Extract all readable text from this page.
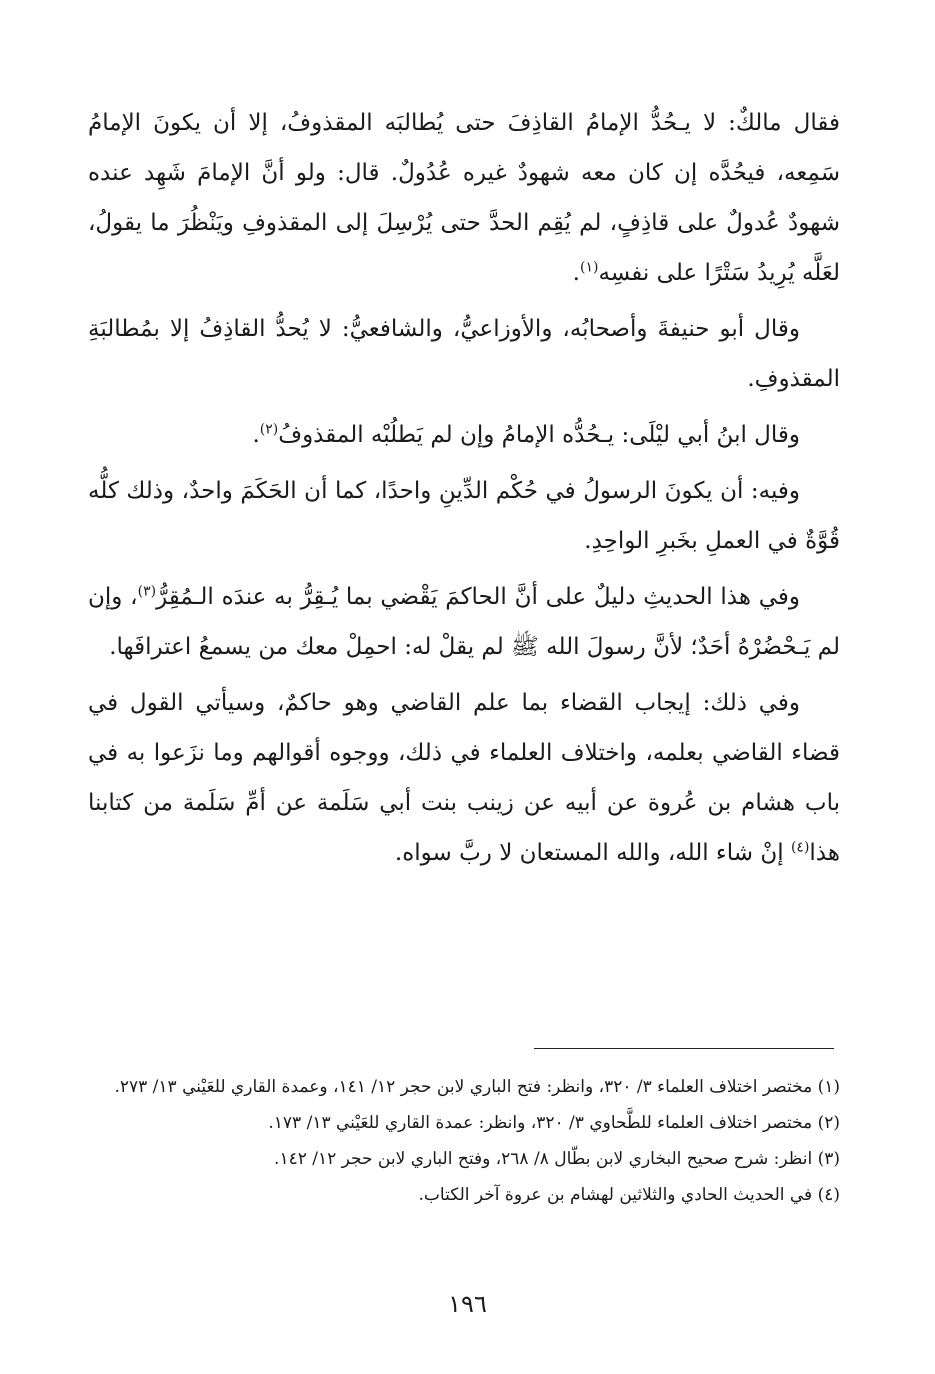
فقال مالكٌ: لا يـحُدُّ الإمامُ القاذِفَ حتى يُطالبَه المقذوفُ، إلا أن يكونَ الإمامُ سَمِعه، فيحُدَّه إن كان معه شهودٌ غيره عُدُولٌ. قال: ولو أنَّ الإمامَ شَهِد عنده شهودٌ عُدولٌ على قاذِفٍ، لم يُقِم الحدَّ حتى يُرْسِلَ إلى المقذوفِ ويَنْظُرَ ما يقولُ، لعَلَّه يُرِيدُ سَتْرًا على نفسِه$^{(١)}$.

وقال أبو حنيفةَ وأصحابُه، والأوزاعيُّ، والشافعيُّ: لا يُحدُّ القاذِفُ إلا بمُطالبَةِ المقذوفِ.

وقال ابنُ أبي ليْلَى: يـحُدُّه الإمامُ وإن لم يَطلُبْه المقذوفُ$^{(٢)}$.

وفيه: أن يكونَ الرسولُ في حُكْم الدِّينِ واحدًا، كما أن الحَكَمَ واحدٌ، وذلك كلُّه قُوَّةٌ في العملِ بخَبرِ الواحِدِ.

وفي هذا الحديثِ دليلٌ على أنَّ الحاكمَ يَقْضي بما يُـقِرُّ به عندَه الـمُقِرُّ$^{(٣)}$، وإن لم يَـحْضُرْهُ أحَدٌ؛ لأنَّ رسولَ الله ﷺ لم يقلْ له: احمِلْ معك من يسمعُ اعترافَها.

وفي ذلك: إيجاب القضاء بما علم القاضي وهو حاكمٌ، وسيأتي القول في قضاء القاضي بعلمه، واختلاف العلماء في ذلك، ووجوه أقوالهم وما نزَعوا به في باب هشام بن عُروة عن أبيه عن زينب بنت أبي سَلَمة عن أمِّ سَلَمة من كتابنا هذا$^{(٤)}$ إنْ شاء الله، والله المستعان لا ربَّ سواه.

(١) مختصر اختلاف العلماء ٣/ ٣٢٠، وانظر: فتح الباري لابن حجر ١٢/ ١٤١، وعمدة القاري للعَيْني ١٣/ ٢٧٣.
(٢) مختصر اختلاف العلماء للطَّحاوي ٣/ ٣٢٠، وانظر: عمدة القاري للعَيْني ١٣/ ١٧٣.
(٣) انظر: شرح صحيح البخاري لابن بطّال ٨/ ٢٦٨، وفتح الباري لابن حجر ١٢/ ١٤٢.
(٤) في الحديث الحادي والثلاثين لهشام بن عروة آخر الكتاب.
١٩٦
